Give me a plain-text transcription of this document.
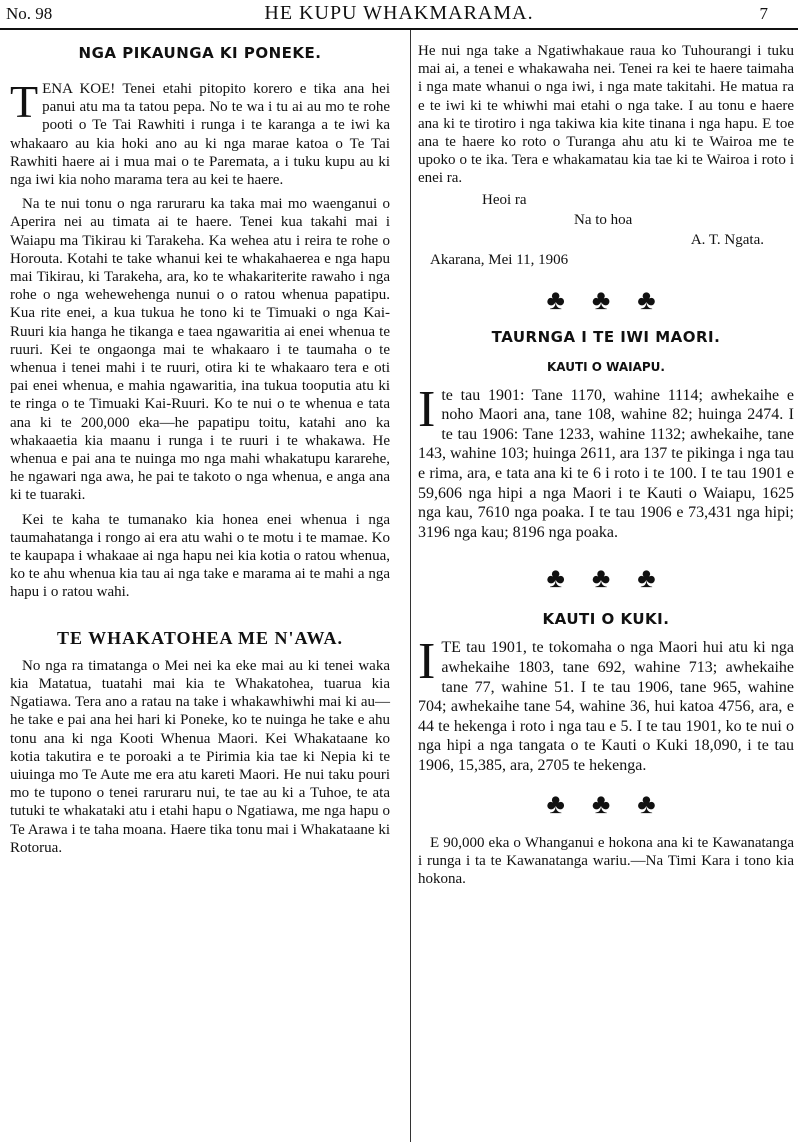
No. 98	HE KUPU WHAKMARAMA.	7
NGA PIKAUNGA KI PONEKE.

TENA KOE! Tenei etahi pitopito korero e tika ana hei panui atu ma ta tatou pepa. No te wa i tu ai au mo te rohe pooti o Te Tai Rawhiti i runga i te karanga a te iwi ka whakaaro au kia hoki ano au ki nga marae katoa o Te Tai Rawhiti haere ai i mua mai o te Paremata, a i tuku kupu au ki nga iwi kia noho marama tera au kei te haere.

Na te nui tonu o nga raruraru ka taka mai mo waenganui o Aperira nei au timata ai te haere. Tenei kua takahi mai i Waiapu ma Tikirau ki Tarakeha. Ka wehea atu i reira te rohe o Horouta. Kotahi te take whanui kei te whakahaerea e nga hapu mai Tikirau, ki Tarakeha, ara, ko te whakariterite rawaho i nga rohe o nga wehewehenga nunui o o ratou whenua papatipu. Kua rite enei, a kua tukua he tono ki te Timuaki o nga Kai-Ruuri kia hanga he tikanga e taea ngawaritia ai enei whenua te ruuri. Kei te ongaonga mai te whakaaro i te taumaha o te whenua i tenei mahi i te ruuri, otira ki te whakaaro tera e oti pai enei whenua, e mahia ngawaritia, ina tukua tooputia atu ki te ringa o te Timuaki Kai-Ruuri. Ko te nui o te whenua e tata ana ki te 200,000 eka—he papatipu toitu, katahi ano ka whakaaetia kia maanu i runga i te ruuri i te whakawa. He whenua e pai ana te nuinga mo nga mahi whakatupu kararehe, he ngawari nga awa, he pai te takoto o nga whenua, e anga ana ki te tuaraki.

Kei te kaha te tumanako kia honea enei whenua i nga taumahatanga i rongo ai era atu wahi o te motu i te mamae. Ko te kaupapa i whakaae ai nga hapu nei kia kotia o ratou whenua, ko te ahu whenua kia tau ai nga take e marama ai te mahi a nga hapu i o ratou wahi.

TE WHAKATOHEA ME N'AWA.

No nga ra timatanga o Mei nei ka eke mai au ki tenei waka kia Matatua, tuatahi mai kia te Whakatohea, tuarua kia Ngatiawa. Tera ano a ratau na take i whakawhiwhi mai ki au—he take e pai ana hei hari ki Poneke, ko te nuinga he take e ahu tonu ana ki nga Kooti Whenua Maori. Kei Whakataane ko kotia takutira e te poroaki a te Pirimia kia tae ki Nepia ki te uiuinga mo Te Aute me era atu kareti Maori. He nui taku pouri mo te tupono o tenei raruraru nui, te tae au ki a Tuhoe, te ata tutuki te whakataki atu i etahi hapu o Ngatiawa, me nga hapu o Te Arawa i te taha moana. Haere tika tonu mai i Whakataane ki Rotorua.

He nui nga take a Ngatiwhakaue raua ko Tuhourangi i tuku mai ai, a tenei e whakawaha nei. Tenei ra kei te haere taimaha i nga mate whanui o nga iwi, i nga mate takitahi. He matua ra e te iwi ki te whiwhi mai etahi o nga take. I au tonu e haere ana ki te tirotiro i nga takiwa kia kite tinana i nga hapu. E toe ana te haere ko roto o Turanga ahu atu ki te Wairoa me te upoko o te ika. Tera e whakamatau kia tae ki te Wairoa i roto i enei ra.

Heoi ra
Na to hoa
A. T. Ngata.
Akarana, Mei 11, 1906
♣ ♣ ♣
TAURNGA I TE IWI MAORI.
KAUTI O WAIAPU.

Ite tau 1901: Tane 1170, wahine 1114; awhekaihe e noho Maori ana, tane 108, wahine 82; huinga 2474. I te tau 1906: Tane 1233, wahine 1132; awhekaihe, tane 143, wahine 103; huinga 2611, ara 137 te pikinga i nga tau e rima, ara, e tata ana ki te 6 i roto i te 100. I te tau 1901 e 59,606 nga hipi a nga Maori i te Kauti o Waiapu, 1625 nga kau, 7610 nga poaka. I te tau 1906 e 73,431 nga hipi; 3196 nga kau; 8196 nga poaka.

♣ ♣ ♣
KAUTI O KUKI.

ITE tau 1901, te tokomaha o nga Maori hui atu ki nga awhekaihe 1803, tane 692, wahine 713; awhekaihe tane 77, wahine 51. I te tau 1906, tane 965, wahine 704; awhekaihe tane 54, wahine 36, hui katoa 4756, ara, e 44 te hekenga i roto i nga tau e 5. I te tau 1901, ko te nui o nga hipi a nga tangata o te Kauti o Kuki 18,090, i te tau 1906, 15,385, ara, 2705 te hekenga.

♣ ♣ ♣

E 90,000 eka o Whanganui e hokona ana ki te Kawanatanga i runga i ta te Kawanatanga wariu.—Na Timi Kara i tono kia hokona.
